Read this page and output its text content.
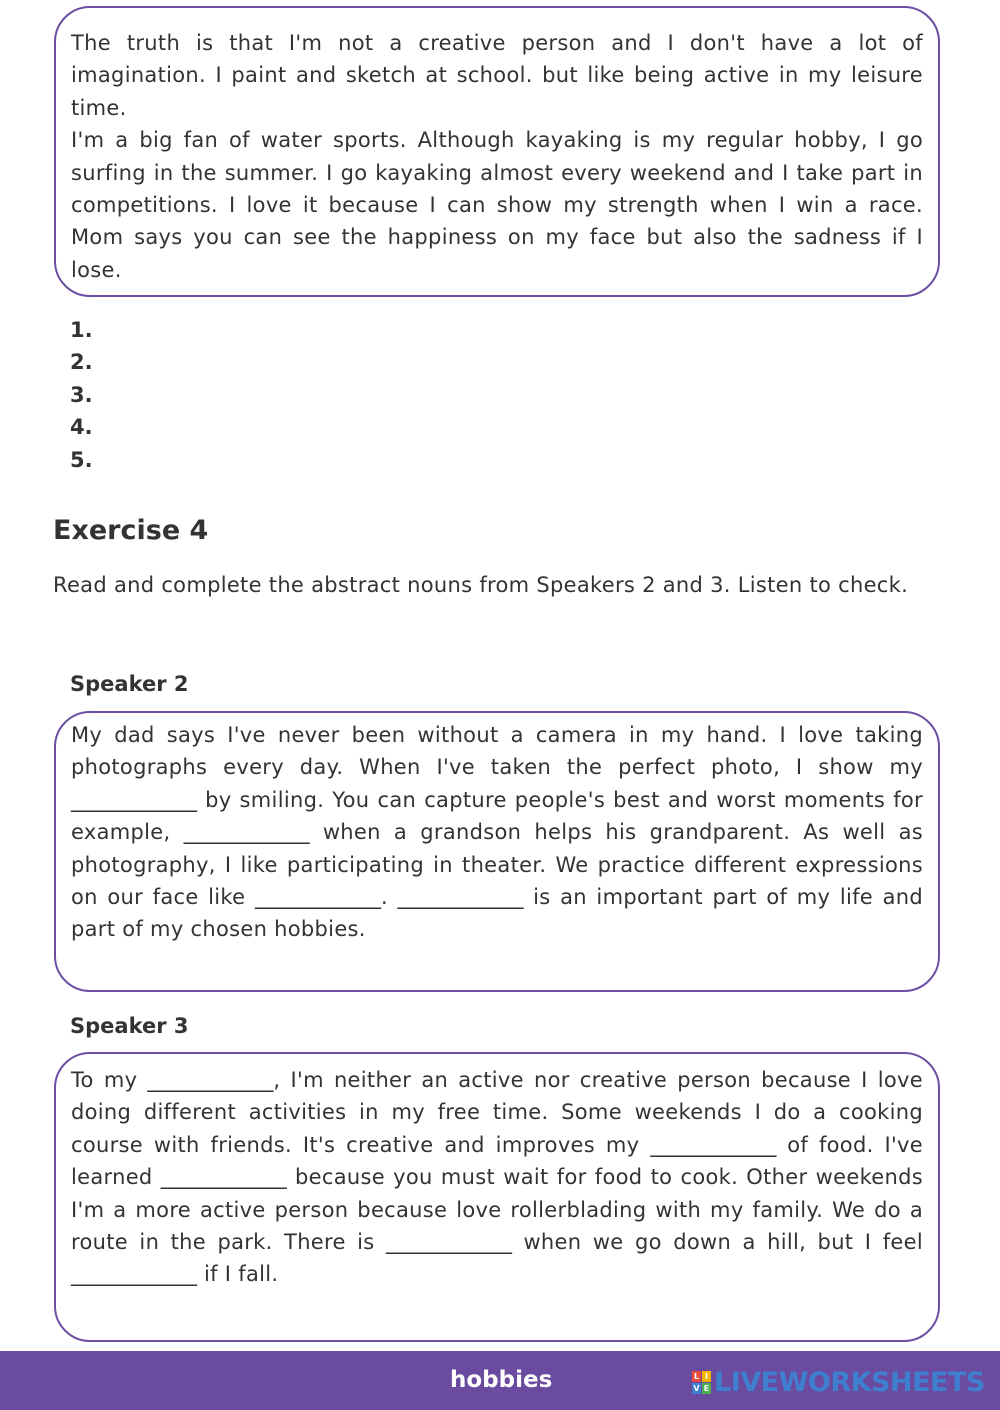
The truth is that I'm not a creative person and I don't have a lot of imagination. I paint and sketch at school. but like being active in my leisure time.

I'm a big fan of water sports. Although kayaking is my regular hobby, I go surfing in the summer. I go kayaking almost every weekend and I take part in competitions. I love it because I can show my strength when I win a race. Mom says you can see the happiness on my face but also the sadness if I lose.

1.
2.
3.
4.
5.
Exercise 4
Read and complete the abstract nouns from Speakers 2 and 3. Listen to check.
Speaker 2

My dad says I've never been without a camera in my hand. I love taking photographs every day. When I've taken the perfect photo, I show my ____________ by smiling. You can capture people's best and worst moments for example, ____________ when a grandson helps his grandparent. As well as photography, I like participating in theater. We practice different expressions on our face like ____________. ____________ is an important part of my life and part of my chosen hobbies.

Speaker 3

To my ____________, I'm neither an active nor creative person because I love doing different activities in my free time. Some weekends I do a cooking course with friends. It's creative and improves my ____________ of food. I've learned ____________ because you must wait for food to cook. Other weekends I'm a more active person because love rollerblading with my family. We do a route in the park. There is ____________ when we go down a hill, but I feel ____________ if I fall.

hobbies	L I
V E LIVEWORKSHEETS
